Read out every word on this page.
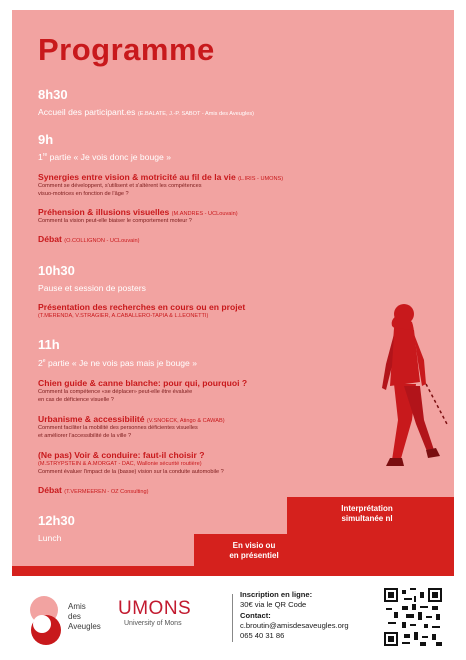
Programme
8h30
Accueil des participant.es (E.BALATE, J.-P. SABOT - Amis des Aveugles)
9h
1re partie « Je vois donc je bouge »
Synergies entre vision & motricité au fil de la vie (L.IRIS - UMONS)
Comment se développent, s'utilisent et s'altèrent les compétences
visuo-motrices en fonction de l'âge ?
Préhension & illusions visuelles (M.ANDRES - UCLouvain)
Comment la vision peut-elle biaiser le comportement moteur ?
Débat (O.COLLIGNON - UCLouvain)
10h30
Pause et session de posters
Présentation des recherches en cours ou en projet
(T.MERENDA, V.STRAGIER, A.CABALLERO-TAPIA & L.LEONETTI)
11h
2e partie « Je ne vois pas mais je bouge »
Chien guide & canne blanche: pour qui, pourquoi ?
Comment la compétence «se déplacer» peut-elle être évaluée
en cas de déficience visuelle ?
Urbanisme & accessibilité (V.SNOECK, Atingo & CAWAB)
Comment faciliter la mobilité des personnes déficientes visuelles
et améliorer l'accessibilité de la ville ?
(Ne pas) Voir & conduire: faut-il choisir ?
(M.STRYPSTEIN & A.MORGAT - DAC, Wallonie sécurité routière)
Comment évaluer l'impact de la (basse) vision sur la conduite automobile ?
Débat (T.VERMEEREN - OZ Consulting)
12h30
Lunch
Interprétation
simultanée nl
En visio ou
en présentiel
Amis
des
Aveugles
UMONS
University of Mons
Inscription en ligne:
30€ via le QR Code
Contact:
c.broutin@amisdesaveugles.org
065 40 31 86
